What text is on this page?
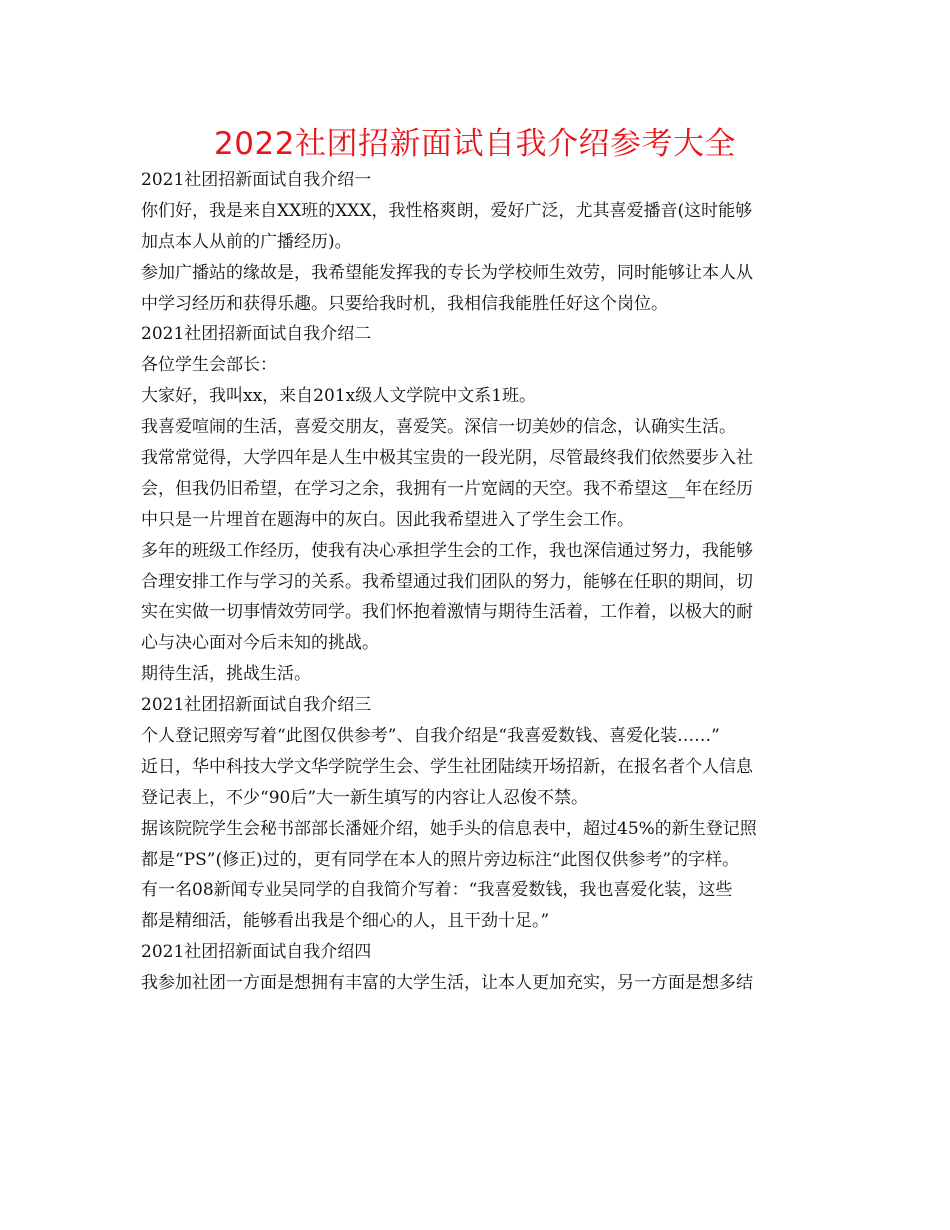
2022社团招新面试自我介绍参考大全
2021社团招新面试自我介绍一
你们好，我是来自XX班的XXX，我性格爽朗，爱好广泛，尤其喜爱播音(这时能够
加点本人从前的广播经历)。
参加广播站的缘故是，我希望能发挥我的专长为学校师生效劳，同时能够让本人从
中学习经历和获得乐趣。只要给我时机，我相信我能胜任好这个岗位。
2021社团招新面试自我介绍二
各位学生会部长：
大家好，我叫xx，来自201x级人文学院中文系1班。
我喜爱喧闹的生活，喜爱交朋友，喜爱笑。深信一切美妙的信念，认确实生活。
我常常觉得，大学四年是人生中极其宝贵的一段光阴，尽管最终我们依然要步入社
会，但我仍旧希望，在学习之余，我拥有一片宽阔的天空。我不希望这__年在经历
中只是一片埋首在题海中的灰白。因此我希望进入了学生会工作。
多年的班级工作经历，使我有决心承担学生会的工作，我也深信通过努力，我能够
合理安排工作与学习的关系。我希望通过我们团队的努力，能够在任职的期间，切
实在实做一切事情效劳同学。我们怀抱着激情与期待生活着，工作着，以极大的耐
心与决心面对今后未知的挑战。
期待生活，挑战生活。
2021社团招新面试自我介绍三
个人登记照旁写着“此图仅供参考”、自我介绍是“我喜爱数钱、喜爱化装……”
近日，华中科技大学文华学院学生会、学生社团陆续开场招新，在报名者个人信息
登记表上，不少“90后”大一新生填写的内容让人忍俊不禁。
据该院院学生会秘书部部长潘娅介绍，她手头的信息表中，超过45%的新生登记照
都是“PS”(修正)过的，更有同学在本人的照片旁边标注“此图仅供参考”的字样。
有一名08新闻专业吴同学的自我简介写着：“我喜爱数钱，我也喜爱化装，这些
都是精细活，能够看出我是个细心的人，且干劲十足。”
2021社团招新面试自我介绍四
我参加社团一方面是想拥有丰富的大学生活，让本人更加充实，另一方面是想多结
